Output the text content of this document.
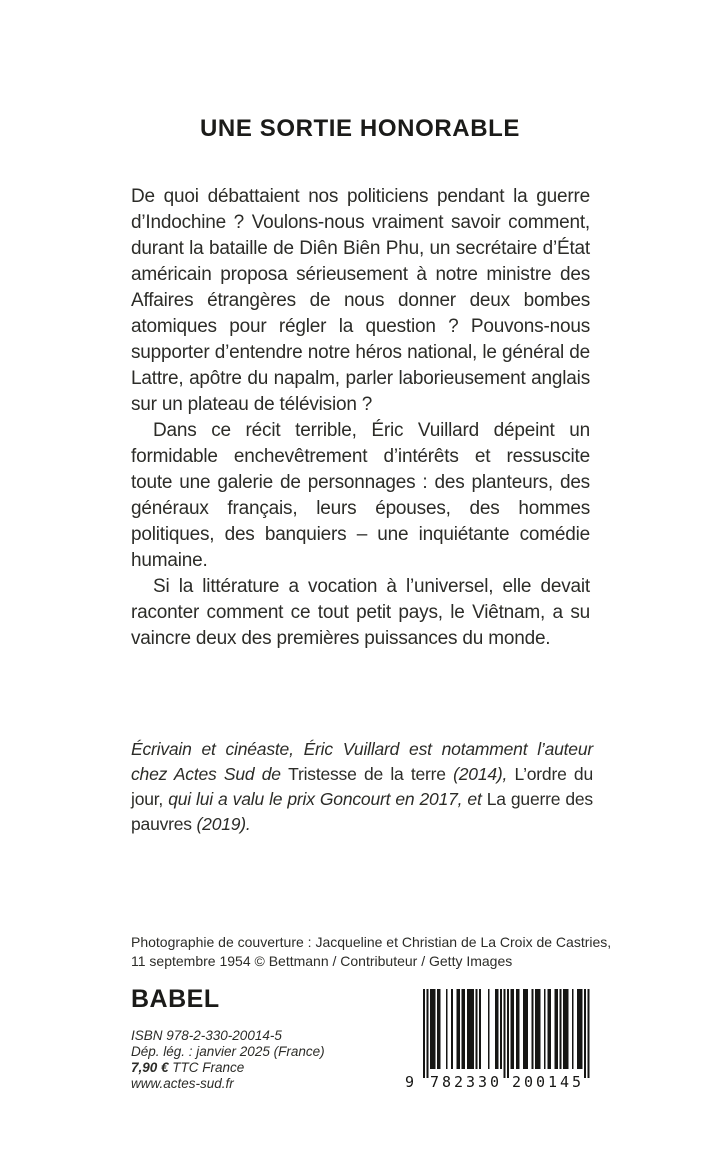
UNE SORTIE HONORABLE

De quoi débattaient nos politiciens pendant la guerre d’Indochine ? Voulons-nous vraiment savoir comment, durant la bataille de Diên Biên Phu, un secrétaire d’État américain proposa sérieusement à notre ministre des Affaires étrangères de nous donner deux bombes atomiques pour régler la question ? Pouvons-nous supporter d’entendre notre héros national, le général de Lattre, apôtre du napalm, parler laborieusement anglais sur un plateau de télévision ?

Dans ce récit terrible, Éric Vuillard dépeint un formidable enchevêtrement d’intérêts et ressuscite toute une galerie de personnages : des planteurs, des généraux français, leurs épouses, des hommes politiques, des banquiers – une inquiétante comédie humaine.

Si la littérature a vocation à l’universel, elle devait raconter comment ce tout petit pays, le Viêtnam, a su vaincre deux des premières puissances du monde.

Écrivain et cinéaste, Éric Vuillard est notamment l’auteur chez Actes Sud de Tristesse de la terre (2014), L’ordre du jour, qui lui a valu le prix Goncourt en 2017, et La guerre des pauvres (2019).
Photographie de couverture : Jacqueline et Christian de La Croix de Castries,
11 septembre 1954 © Bettmann / Contributeur / Getty Images
BABEL
ISBN 978-2-330-20014-5
Dép. lég. : janvier 2025 (France)
7,90 € TTC France
www.actes-sud.fr	9 782330 200145
